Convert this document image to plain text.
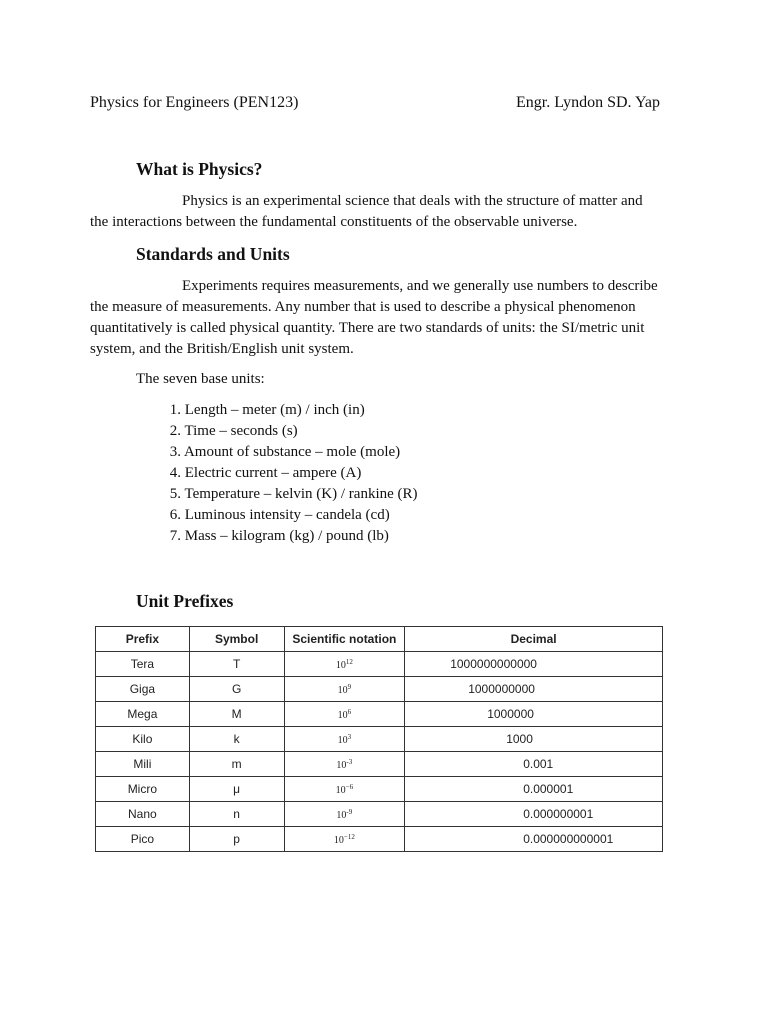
Physics for Engineers (PEN123)	Engr. Lyndon SD. Yap
What is Physics?

Physics is an experimental science that deals with the structure of matter and the interactions between the fundamental constituents of the observable universe.

Standards and Units

Experiments requires measurements, and we generally use numbers to describe the measure of measurements. Any number that is used to describe a physical phenomenon quantitatively is called physical quantity. There are two standards of units: the SI/metric unit system, and the British/English unit system.

The seven base units:
1. Length – meter (m) / inch (in)
2. Time – seconds (s)
3. Amount of substance – mole (mole)
4. Electric current – ampere (A)
5. Temperature – kelvin (K) / rankine (R)
6. Luminous intensity – candela (cd)
7. Mass – kilogram (kg) / pound (lb)
Unit Prefixes
Prefix	Symbol	Scientific notation	Decimal
Tera	T	$10^{12}$	1000000000000
Giga	G	$10^9$	1000000000
Mega	M	$10^6$	1000000
Kilo	k	$10^3$	1000
Mili	m	$10^{-3}$	0.001
Micro	μ	$10^{-6}$	0.000001
Nano	n	$10^{-9}$	0.000000001
Pico	p	$10^{-12}$	0.000000000001
